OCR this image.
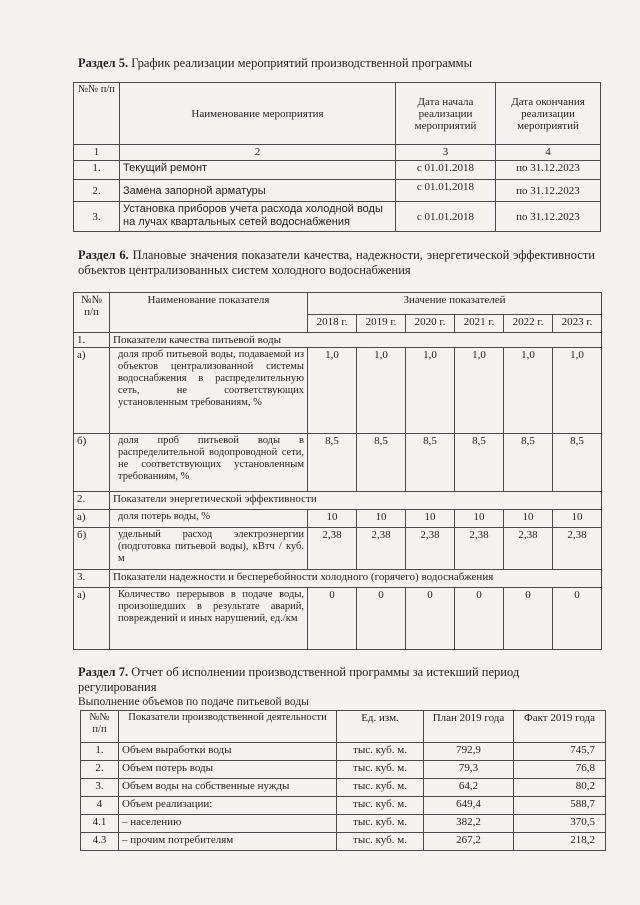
Раздел 5. График реализации мероприятий производственной программы
№№ п/п	Наименование мероприятия	Дата начала реализации мероприятий	Дата окончания реализации мероприятий
1	2	3	4
1.	Текущий ремонт	с 01.01.2018	по 31.12.2023
2.	Замена запорной арматуры	с 01.01.2018	по 31.12.2023
3.	Установка приборов учета расхода холодной воды на лучах квартальных сетей водоснабжения	с 01.01.2018	по 31.12.2023
Раздел 6. Плановые значения показатели качества, надежности, энергетической эффективности объектов централизованных систем холодного водоснабжения
№№ п/п	Наименование показателя	Значение показателей					
		2018 г.	2019 г.	2020 г.	2021 г.	2022 г.	2023 г.
1.	Показатели качества питьевой воды						
а)	доля проб питьевой воды, подаваемой из объектов централизованной системы водоснабжения в распределительную сеть, не соответствующих установленным требованиям, %	1,0	1,0	1,0	1,0	1,0	1,0
б)	доля проб питьевой воды в распределительной водопроводной сети, не соответствующих установленным требованиям, %	8,5	8,5	8,5	8,5	8,5	8,5
2.	Показатели энергетической эффективности						
а)	доля потерь воды, %	10	10	10	10	10	10
б)	удельный расход электроэнергии (подготовка питьевой воды), кВтч / куб. м	2,38	2,38	2,38	2,38	2,38	2,38
3.	Показатели надежности и бесперебойности холодного (горячего) водоснабжения						
а)	Количество перерывов в подаче воды, произошедших в результате аварий, повреждений и иных нарушений, ед./км	0	0	0	0	0	0
Раздел 7. Отчет об исполнении производственной программы за истекший период регулирования
Выполнение объемов по подаче питьевой воды
№№ п/п	Показатели производственной деятельности	Ед. изм.	План 2019 года	Факт 2019 года
1.	Объем выработки воды	тыс. куб. м.	792,9	745,7
2.	Объем потерь воды	тыс. куб. м.	79,3	76,8
3.	Объем воды на собственные нужды	тыс. куб. м.	64,2	80,2
4	Объем реализации:	тыс. куб. м.	649,4	588,7
4.1	– населению	тыс. куб. м.	382,2	370,5
4.3	– прочим потребителям	тыс. куб. м.	267,2	218,2
